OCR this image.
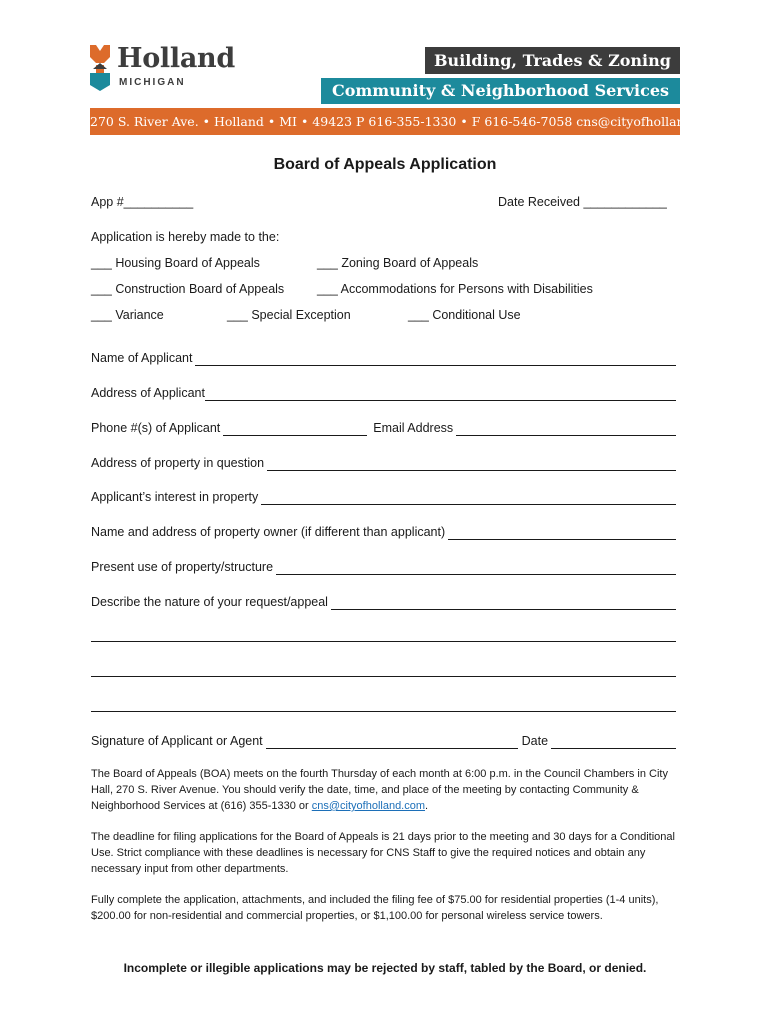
Holland
MICHIGAN
Building, Trades & Zoning
Community & Neighborhood Services
270 S. River Ave. • Holland • MI • 49423 P 616-355-1330 • F 616-546-7058 cns@cityofholland.com
Board of Appeals Application
App #__________	Date Received ____________
Application is hereby made to the:
___ Housing Board of Appeals	___ Zoning Board of Appeals
___ Construction Board of Appeals	___ Accommodations for Persons with Disabilities
___ Variance	___ Special Exception	___ Conditional Use
Name of Applicant
Address of Applicant
Phone #(s) of Applicant	Email Address
Address of property in question
Applicant’s interest in property
Name and address of property owner (if different than applicant)
Present use of property/structure
Describe the nature of your request/appeal
Signature of Applicant or Agent	Date
The Board of Appeals (BOA) meets on the fourth Thursday of each month at 6:00 p.m. in the Council Chambers in City Hall, 270 S. River Avenue. You should verify the date, time, and place of the meeting by contacting Community & Neighborhood Services at (616) 355-1330 or cns@cityofholland.com.
The deadline for filing applications for the Board of Appeals is 21 days prior to the meeting and 30 days for a Conditional Use. Strict compliance with these deadlines is necessary for CNS Staff to give the required notices and obtain any necessary input from other departments.
Fully complete the application, attachments, and included the filing fee of $75.00 for residential properties (1-4 units), $200.00 for non-residential and commercial properties, or $1,100.00 for personal wireless service towers.
Incomplete or illegible applications may be rejected by staff, tabled by the Board, or denied.
